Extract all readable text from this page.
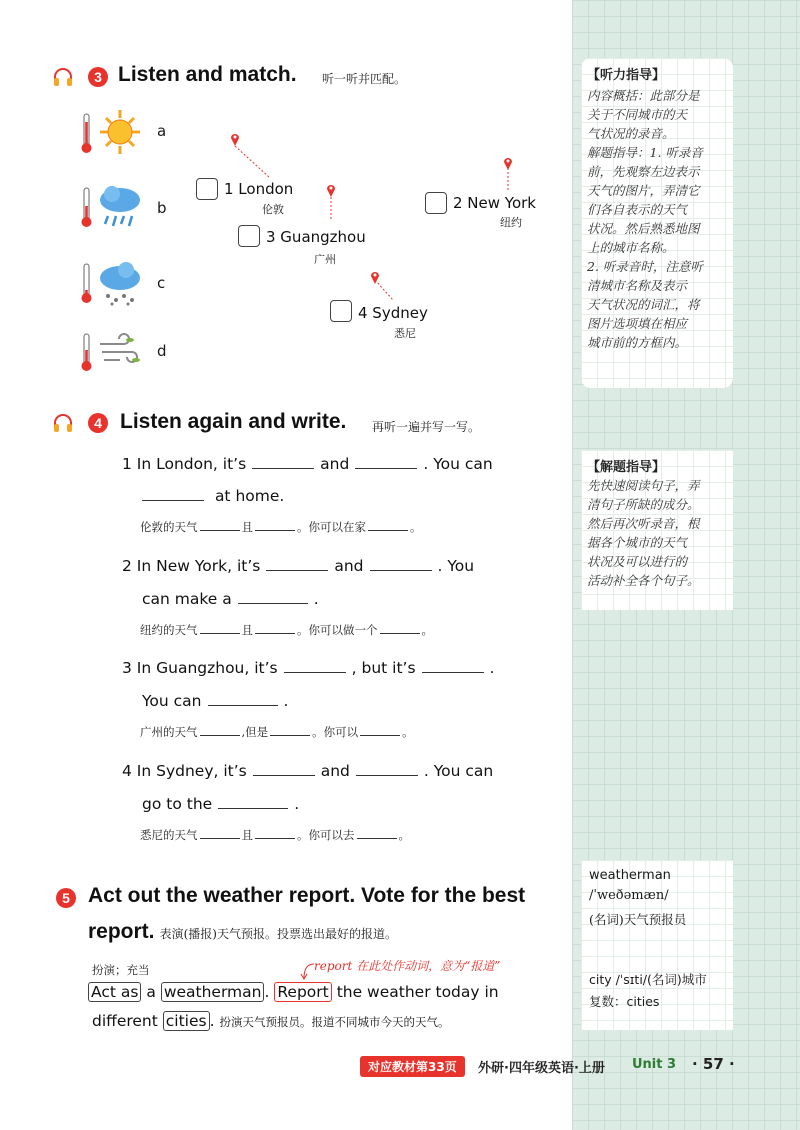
【听力指导】
内容概括：此部分是
关于不同城市的天
气状况的录音。
解题指导：1. 听录音
前，先观察左边表示
天气的图片，弄清它
们各自表示的天气
状况。然后熟悉地图
上的城市名称。
2. 听录音时，注意听
清城市名称及表示
天气状况的词汇，将
图片选项填在相应
城市前的方框内。
【解题指导】
先快速阅读句子，弄
清句子所缺的成分。
然后再次听录音，根
据各个城市的天气
状况及可以进行的
活动补全各个句子。
weatherman
/ˈweðəmæn/
(名词)天气预报员
city /ˈsɪti/(名词)城市
复数：cities
3 Listen and match. 听一听并匹配。
a
b
c
d
1 London
伦敦	2 New York
纽约
3 Guangzhou
广州
4 Sydney
悉尼
4 Listen again and write. 再听一遍并写一写。
1 In London, it’s	and	. You can
at home.
伦敦的天气	且	。你可以在家	。
2 In New York, it’s	and	. You
can make a	.
纽约的天气	且	。你可以做一个	。
3 In Guangzhou, it’s	, but it’s	.
You can	.
广州的天气	,但是	。你可以	。
4 In Sydney, it’s	and	. You can
go to the	.
悉尼的天气	且	。你可以去	。
5 Act out the weather report. Vote for the best
report. 表演(播报)天气预报。投票选出最好的报道。
扮演；充当	report 在此处作动词，意为“报道”
Act as a weatherman . Report the weather today in
different cities . 扮演天气预报员。报道不同城市今天的天气。
对应教材第33页	外研·四年级英语·上册 Unit 3 · 57 ·
